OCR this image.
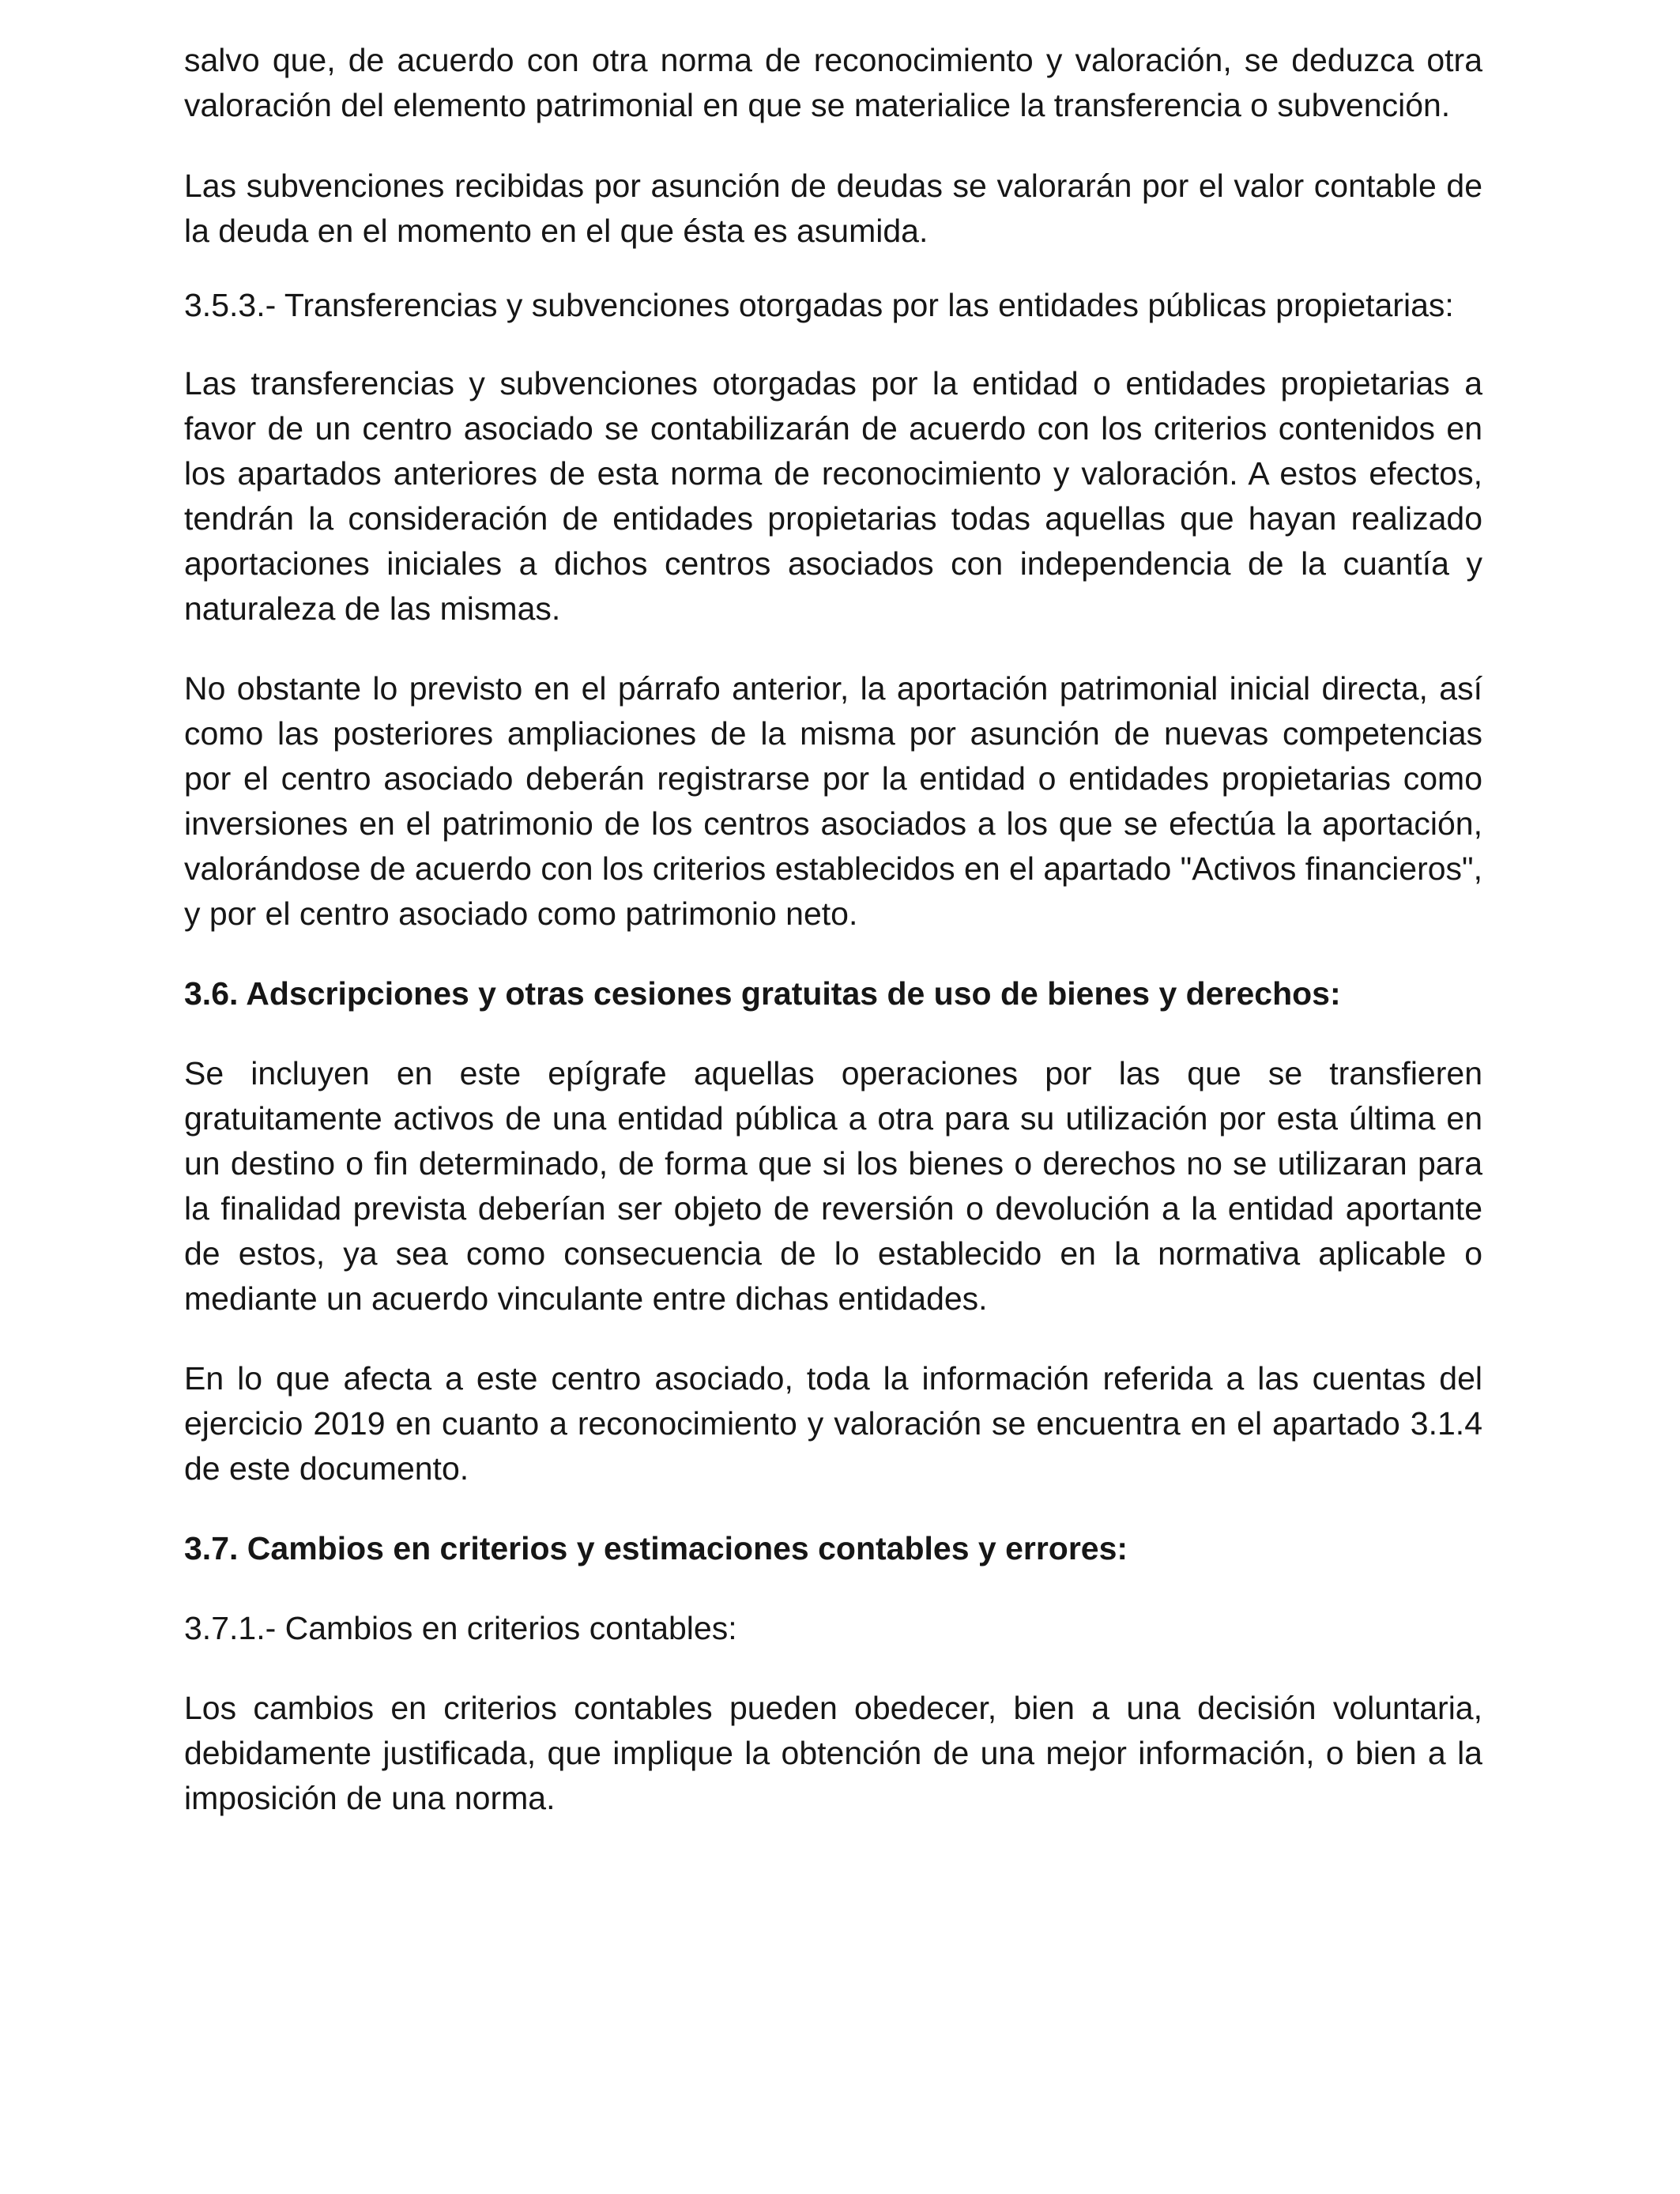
salvo que, de acuerdo con otra norma de reconocimiento y valoración, se deduzca otra valoración del elemento patrimonial en que se materialice la transferencia o subvención.

Las subvenciones recibidas por asunción de deudas se valorarán por el valor contable de la deuda en el momento en el que ésta es asumida.

3.5.3.- Transferencias y subvenciones otorgadas por las entidades públicas propietarias:

Las transferencias y subvenciones otorgadas por la entidad o entidades propietarias a favor de un centro asociado se contabilizarán de acuerdo con los criterios contenidos en los apartados anteriores de esta norma de reconocimiento y valoración. A estos efectos, tendrán la consideración de entidades propietarias todas aquellas que hayan realizado aportaciones iniciales a dichos centros asociados con independencia de la cuantía y naturaleza de las mismas.

No obstante lo previsto en el párrafo anterior, la aportación patrimonial inicial directa, así como las posteriores ampliaciones de la misma por asunción de nuevas competencias por el centro asociado deberán registrarse por la entidad o entidades propietarias como inversiones en el patrimonio de los centros asociados a los que se efectúa la aportación, valorándose de acuerdo con los criterios establecidos en el apartado "Activos financieros", y por el centro asociado como patrimonio neto.

3.6. Adscripciones y otras cesiones gratuitas de uso de bienes y derechos:

Se incluyen en este epígrafe aquellas operaciones por las que se transfieren gratuitamente activos de una entidad pública a otra para su utilización por esta última en un destino o fin determinado, de forma que si los bienes o derechos no se utilizaran para la finalidad prevista deberían ser objeto de reversión o devolución a la entidad aportante de estos, ya sea como consecuencia de lo establecido en la normativa aplicable o mediante un acuerdo vinculante entre dichas entidades.

En lo que afecta a este centro asociado, toda la información referida a las cuentas del ejercicio 2019 en cuanto a reconocimiento y valoración se encuentra en el apartado 3.1.4 de este documento.

3.7. Cambios en criterios y estimaciones contables y errores:

3.7.1.- Cambios en criterios contables:

Los cambios en criterios contables pueden obedecer, bien a una decisión voluntaria, debidamente justificada, que implique la obtención de una mejor información, o bien a la imposición de una norma.
